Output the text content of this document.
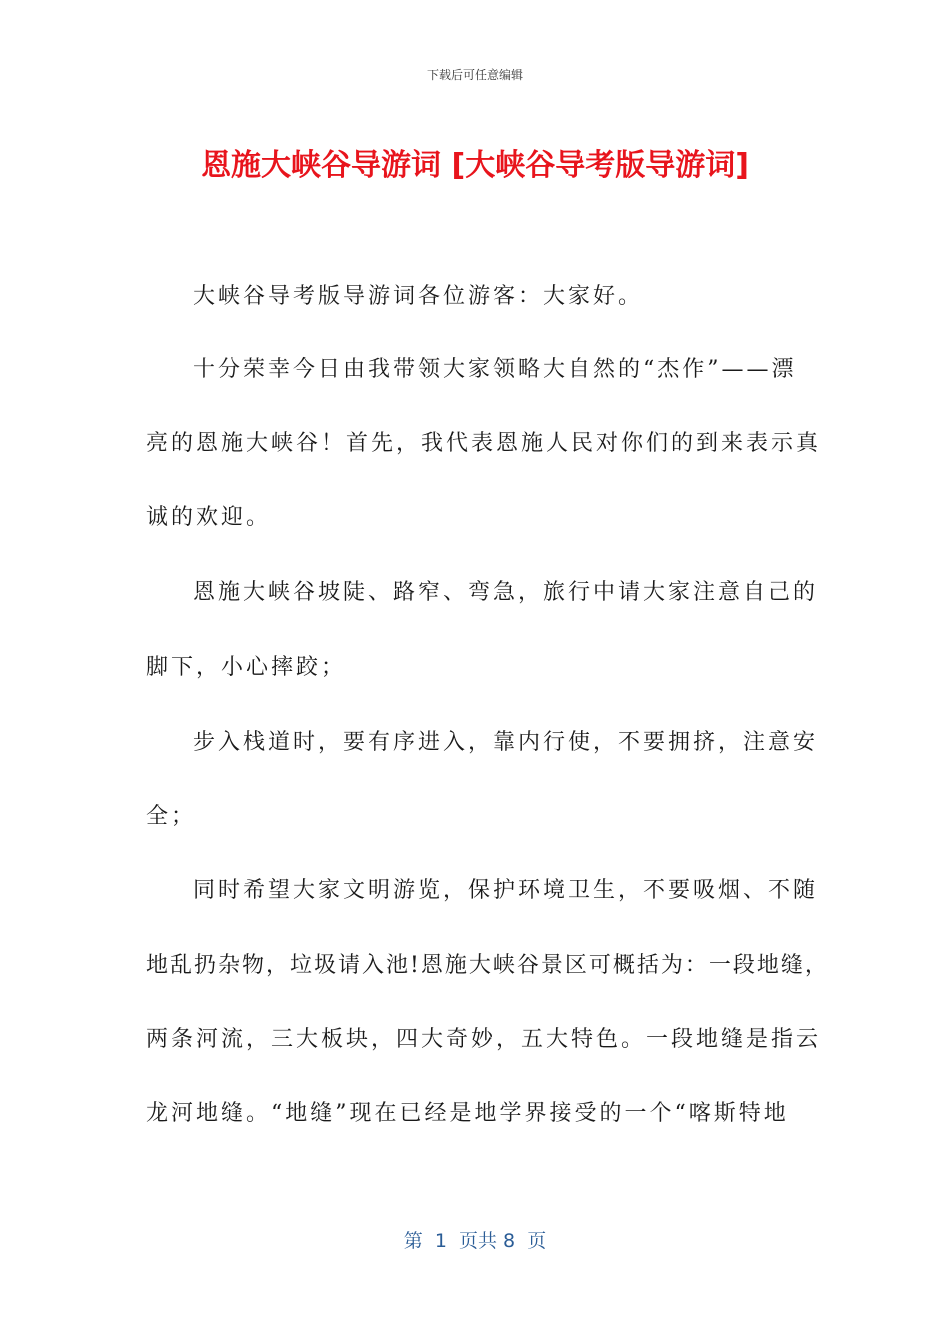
下载后可任意编辑
恩施大峡谷导游词 [大峡谷导考版导游词]
大峡谷导考版导游词各位游客：大家好。
十分荣幸今日由我带领大家领略大自然的“杰作”——漂
亮的恩施大峡谷！首先，我代表恩施人民对你们的到来表示真
诚的欢迎。
恩施大峡谷坡陡、路窄、弯急，旅行中请大家注意自己的
脚下，小心摔跤；
步入栈道时，要有序进入，靠内行使，不要拥挤，注意安
全；
同时希望大家文明游览，保护环境卫生，不要吸烟、不随
地乱扔杂物，垃圾请入池!恩施大峡谷景区可概括为：一段地缝，
两条河流，三大板块，四大奇妙，五大特色。一段地缝是指云
龙河地缝。“地缝”现在已经是地学界接受的一个“喀斯特地
第  1  页共 8  页
